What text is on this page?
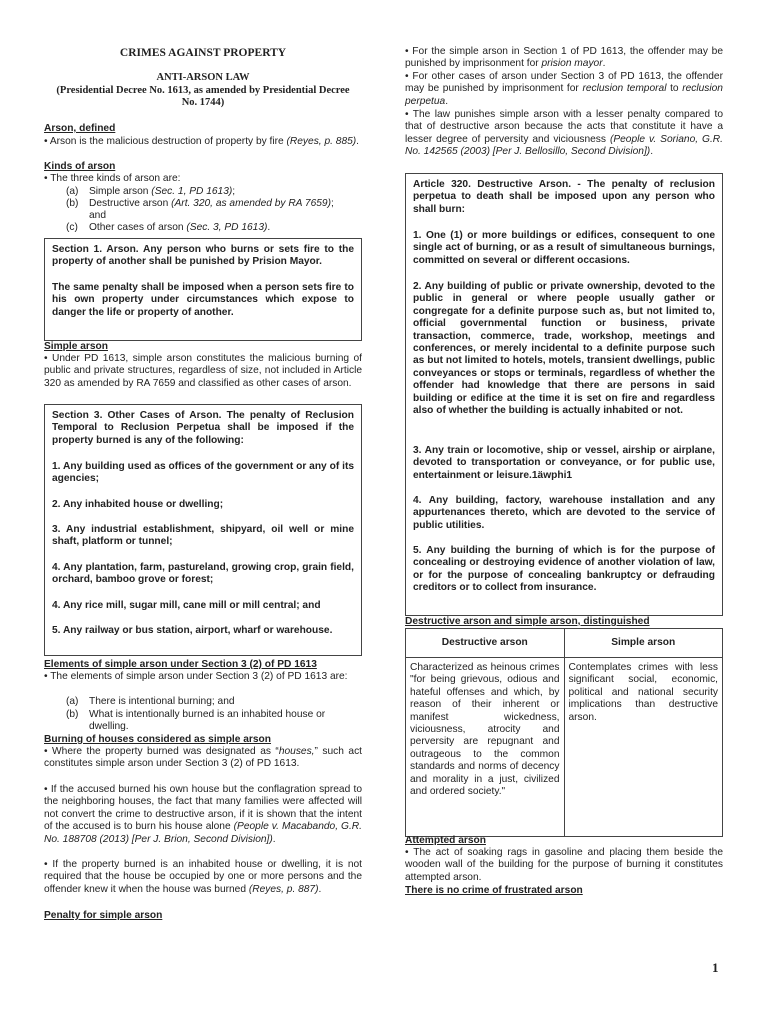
CRIMES AGAINST PROPERTY
ANTI-ARSON LAW
(Presidential Decree No. 1613, as amended by Presidential Decree
No. 1744)
Arson, defined
• Arson is the malicious destruction of property by fire (Reyes, p. 885).
Kinds of arson
• The three kinds of arson are:
(a) Simple arson (Sec. 1, PD 1613);
(b) Destructive arson (Art. 320, as amended by RA 7659);
and
(c) Other cases of arson (Sec. 3, PD 1613).
Section 1. Arson. Any person who burns or sets fire to the property of another shall be punished by Prision Mayor.
The same penalty shall be imposed when a person sets fire to his own property under circumstances which expose to danger the life or property of another.
Simple arson
• Under PD 1613, simple arson constitutes the malicious burning of public and private structures, regardless of size, not included in Article 320 as amended by RA 7659 and classified as other cases of arson.
Section 3. Other Cases of Arson. The penalty of Reclusion Temporal to Reclusion Perpetua shall be imposed if the property burned is any of the following:
1. Any building used as offices of the government or any of its agencies;
2. Any inhabited house or dwelling;
3. Any industrial establishment, shipyard, oil well or mine shaft, platform or tunnel;
4. Any plantation, farm, pastureland, growing crop, grain field, orchard, bamboo grove or forest;
4. Any rice mill, sugar mill, cane mill or mill central; and
5. Any railway or bus station, airport, wharf or warehouse.
Elements of simple arson under Section 3 (2) of PD 1613
• The elements of simple arson under Section 3 (2) of PD 1613 are:
(a) There is intentional burning; and
(b) What is intentionally burned is an inhabited house or dwelling.
Burning of houses considered as simple arson
• Where the property burned was designated as “houses,” such act constitutes simple arson under Section 3 (2) of PD 1613.
• If the accused burned his own house but the conflagration spread to the neighboring houses, the fact that many families were affected will not convert the crime to destructive arson, if it is shown that the intent of the accused is to burn his house alone (People v. Macabando, G.R. No. 188708 (2013) [Per J. Brion, Second Division]).
• If the property burned is an inhabited house or dwelling, it is not required that the house be occupied by one or more persons and the offender knew it when the house was burned (Reyes, p. 887).
Penalty for simple arson
• For the simple arson in Section 1 of PD 1613, the offender may be punished by imprisonment for prision mayor.
• For other cases of arson under Section 3 of PD 1613, the offender may be punished by imprisonment for reclusion temporal to reclusion perpetua.
• The law punishes simple arson with a lesser penalty compared to that of destructive arson because the acts that constitute it have a lesser degree of perversity and viciousness (People v. Soriano, G.R. No. 142565 (2003) [Per J. Bellosillo, Second Division]).
Article 320. Destructive Arson. - The penalty of reclusion perpetua to death shall be imposed upon any person who shall burn:
1. One (1) or more buildings or edifices, consequent to one single act of burning, or as a result of simultaneous burnings, committed on several or different occasions.
2. Any building of public or private ownership, devoted to the public in general or where people usually gather or congregate for a definite purpose such as, but not limited to, official governmental function or business, private transaction, commerce, trade, workshop, meetings and conferences, or merely incidental to a definite purpose such as but not limited to hotels, motels, transient dwellings, public conveyances or stops or terminals, regardless of whether the offender had knowledge that there are persons in said building or edifice at the time it is set on fire and regardless also of whether the building is actually inhabited or not.
3. Any train or locomotive, ship or vessel, airship or airplane, devoted to transportation or conveyance, or for public use, entertainment or leisure.1äwphi1
4. Any building, factory, warehouse installation and any appurtenances thereto, which are devoted to the service of public utilities.
5. Any building the burning of which is for the purpose of concealing or destroying evidence of another violation of law, or for the purpose of concealing bankruptcy or defrauding creditors or to collect from insurance.
Destructive arson and simple arson, distinguished
Destructive arson	Simple arson
Characterized as heinous crimes "for being grievous, odious and hateful offenses and which, by reason of their inherent or manifest wickedness, viciousness, atrocity and perversity are repugnant and outrageous to the common standards and norms of decency and morality in a just, civilized and ordered society."	Contemplates crimes with less significant social, economic, political and national security implications than destructive arson.
Attempted arson
• The act of soaking rags in gasoline and placing them beside the wooden wall of the building for the purpose of burning it constitutes attempted arson.
There is no crime of frustrated arson
1
